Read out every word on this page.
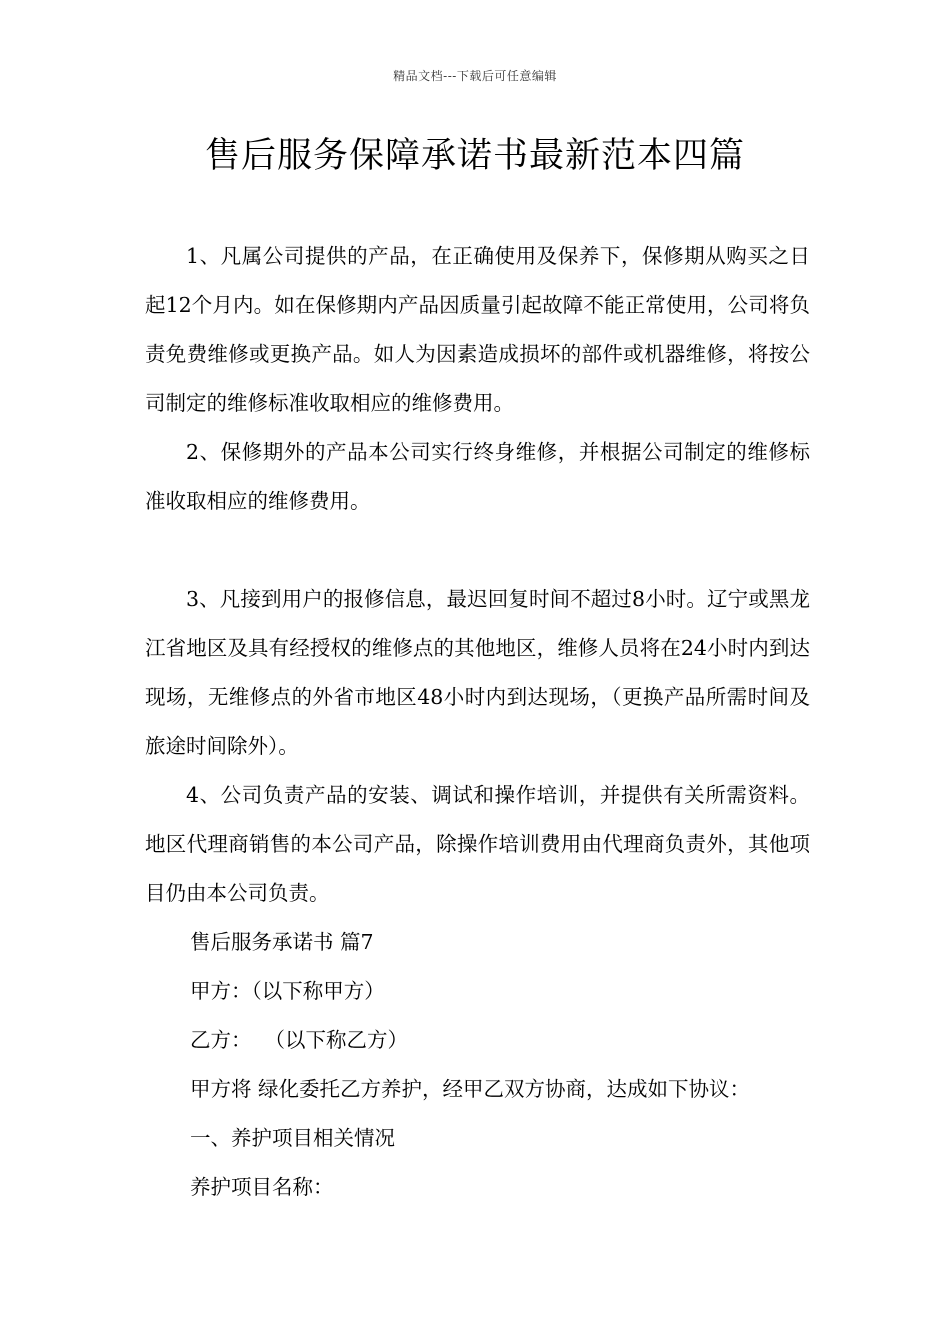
精品文档---下载后可任意编辑
售后服务保障承诺书最新范本四篇

1、凡属公司提供的产品，在正确使用及保养下，保修期从购买之日起12个月内。如在保修期内产品因质量引起故障不能正常使用，公司将负责免费维修或更换产品。如人为因素造成损坏的部件或机器维修，将按公司制定的维修标准收取相应的维修费用。

2、保修期外的产品本公司实行终身维修，并根据公司制定的维修标准收取相应的维修费用。

3、凡接到用户的报修信息，最迟回复时间不超过8小时。辽宁或黑龙江省地区及具有经授权的维修点的其他地区，维修人员将在24小时内到达现场，无维修点的外省市地区48小时内到达现场，（更换产品所需时间及旅途时间除外）。

4、公司负责产品的安装、调试和操作培训，并提供有关所需资料。地区代理商销售的本公司产品，除操作培训费用由代理商负责外，其他项目仍由本公司负责。

售后服务承诺书 篇7

甲方：（以下称甲方）

乙方：  （以下称乙方）

甲方将 绿化委托乙方养护，经甲乙双方协商，达成如下协议：

一、养护项目相关情况

养护项目名称：
